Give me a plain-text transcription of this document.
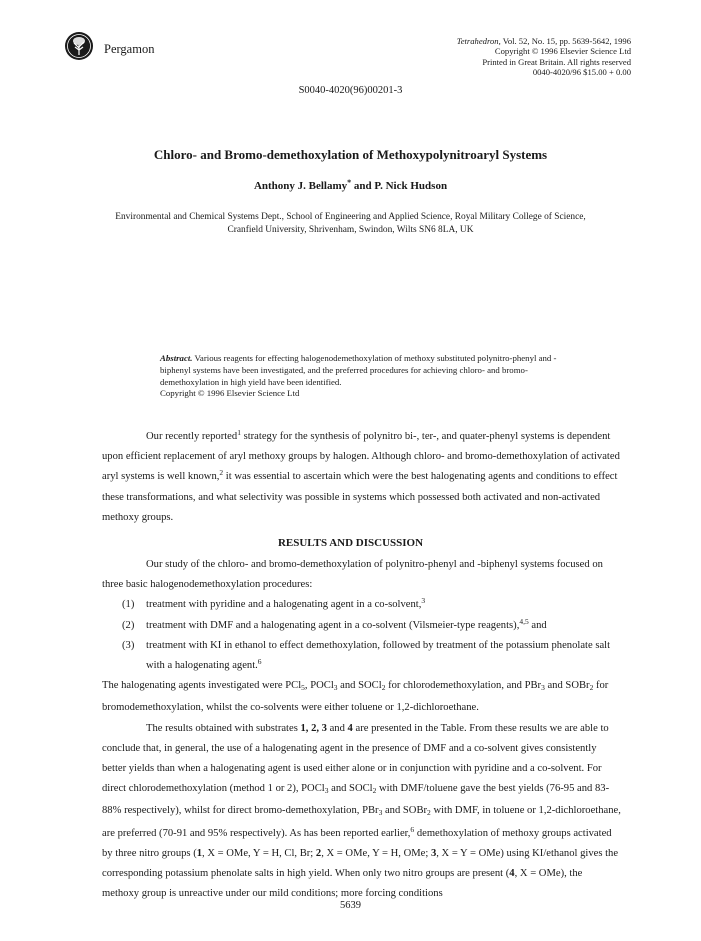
Pergamon
Tetrahedron, Vol. 52, No. 15, pp. 5639-5642, 1996
Copyright © 1996 Elsevier Science Ltd
Printed in Great Britain. All rights reserved
0040-4020/96 $15.00 + 0.00
S0040-4020(96)00201-3
Chloro- and Bromo-demethoxylation of Methoxypolynitroaryl Systems
Anthony J. Bellamy* and P. Nick Hudson
Environmental and Chemical Systems Dept., School of Engineering and Applied Science, Royal Military College of Science,
Cranfield University, Shrivenham, Swindon, Wilts SN6 8LA, UK
Abstract. Various reagents for effecting halogenodemethoxylation of methoxy substituted polynitro-phenyl and -biphenyl systems have been investigated, and the preferred procedures for achieving chloro- and bromo-demethoxylation in high yield have been identified.
Copyright © 1996 Elsevier Science Ltd

Our recently reported$^1$ strategy for the synthesis of polynitro bi-, ter-, and quater-phenyl systems is dependent upon efficient replacement of aryl methoxy groups by halogen. Although chloro- and bromo-demethoxylation of activated aryl systems is well known,$^2$ it was essential to ascertain which were the best halogenating agents and conditions to effect these transformations, and what selectivity was possible in systems which possessed both activated and non-activated methoxy groups.

RESULTS AND DISCUSSION

Our study of the chloro- and bromo-demethoxylation of polynitro-phenyl and -biphenyl systems focused on three basic halogenodemethoxylation procedures:

(1) treatment with pyridine and a halogenating agent in a co-solvent,$^3$
(2) treatment with DMF and a halogenating agent in a co-solvent (Vilsmeier-type reagents),$^{4,5}$ and
(3) treatment with KI in ethanol to effect demethoxylation, followed by treatment of the potassium phenolate salt with a halogenating agent.$^6$

The halogenating agents investigated were PCl$_5$, POCl$_3$ and SOCl$_2$ for chlorodemethoxylation, and PBr$_3$ and SOBr$_2$ for bromodemethoxylation, whilst the co-solvents were either toluene or 1,2-dichloroethane.

The results obtained with substrates 1, 2, 3 and 4 are presented in the Table. From these results we are able to conclude that, in general, the use of a halogenating agent in the presence of DMF and a co-solvent gives consistently better yields than when a halogenating agent is used either alone or in conjunction with pyridine and a co-solvent. For direct chlorodemethoxylation (method 1 or 2), POCl$_3$ and SOCl$_2$ with DMF/toluene gave the best yields (76-95 and 83-88% respectively), whilst for direct bromo-demethoxylation, PBr$_3$ and SOBr$_2$ with DMF, in toluene or 1,2-dichloroethane, are preferred (70-91 and 95% respectively). As has been reported earlier,$^6$ demethoxylation of methoxy groups activated by three nitro groups (1, X = OMe, Y = H, Cl, Br; 2, X = OMe, Y = H, OMe; 3, X = Y = OMe) using KI/ethanol gives the corresponding potassium phenolate salts in high yield. When only two nitro groups are present (4, X = OMe), the methoxy group is unreactive under our mild conditions; more forcing conditions

5639
